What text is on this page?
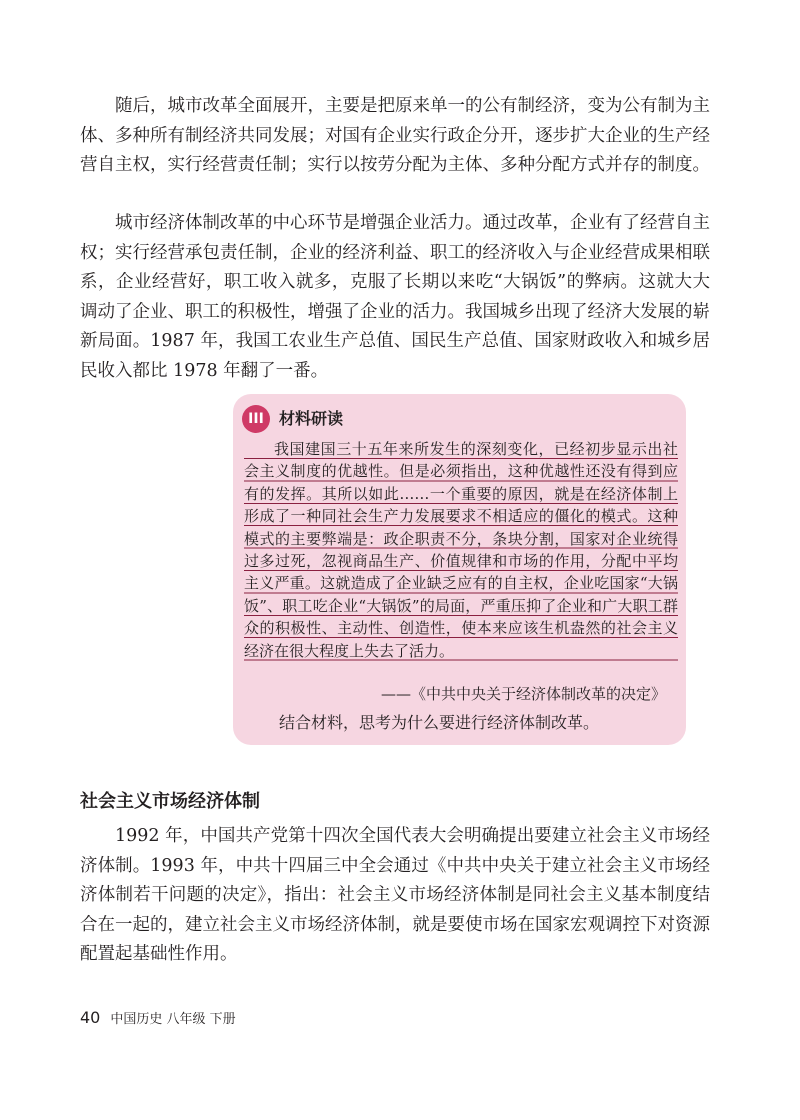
随后，城市改革全面展开，主要是把原来单一的公有制经济，变为公有制为主体、多种所有制经济共同发展；对国有企业实行政企分开，逐步扩大企业的生产经营自主权，实行经营责任制；实行以按劳分配为主体、多种分配方式并存的制度。

城市经济体制改革的中心环节是增强企业活力。通过改革，企业有了经营自主权；实行经营承包责任制，企业的经济利益、职工的经济收入与企业经营成果相联系，企业经营好，职工收入就多，克服了长期以来吃“大锅饭”的弊病。这就大大调动了企业、职工的积极性，增强了企业的活力。我国城乡出现了经济大发展的崭新局面。1987 年，我国工农业生产总值、国民生产总值、国家财政收入和城乡居民收入都比 1978 年翻了一番。

III 材料研读

我国建国三十五年来所发生的深刻变化，已经初步显示出社会主义制度的优越性。但是必须指出，这种优越性还没有得到应有的发挥。其所以如此……一个重要的原因，就是在经济体制上形成了一种同社会生产力发展要求不相适应的僵化的模式。这种模式的主要弊端是：政企职责不分，条块分割，国家对企业统得过多过死，忽视商品生产、价值规律和市场的作用，分配中平均主义严重。这就造成了企业缺乏应有的自主权，企业吃国家“大锅饭”、职工吃企业“大锅饭”的局面，严重压抑了企业和广大职工群众的积极性、主动性、创造性，使本来应该生机盎然的社会主义经济在很大程度上失去了活力。

——《中共中央关于经济体制改革的决定》

结合材料，思考为什么要进行经济体制改革。

社会主义市场经济体制

1992 年，中国共产党第十四次全国代表大会明确提出要建立社会主义市场经济体制。1993 年，中共十四届三中全会通过《中共中央关于建立社会主义市场经济体制若干问题的决定》，指出：社会主义市场经济体制是同社会主义基本制度结合在一起的，建立社会主义市场经济体制，就是要使市场在国家宏观调控下对资源配置起基础性作用。

40 中国历史 八年级 下册
